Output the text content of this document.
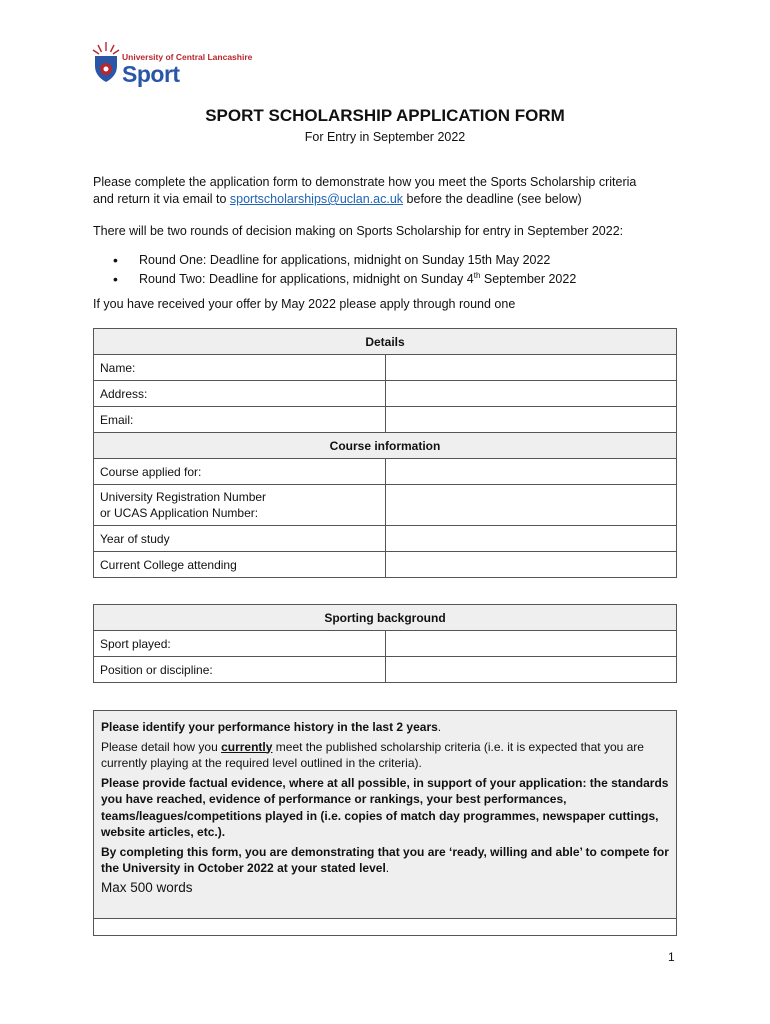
University of Central Lancashire
Sport
SPORT SCHOLARSHIP APPLICATION FORM
For Entry in September 2022
Please complete the application form to demonstrate how you meet the Sports Scholarship criteria
and return it via email to sportscholarships@uclan.ac.uk before the deadline (see below)
There will be two rounds of decision making on Sports Scholarship for entry in September 2022:
• Round One: Deadline for applications, midnight on Sunday 15th May 2022
• Round Two: Deadline for applications, midnight on Sunday 4th September 2022
If you have received your offer by May 2022 please apply through round one
Details	
Name:	
Address:	
Email:	
Course information	
Course applied for:	
University Registration Number
or UCAS Application Number:	
Year of study	
Current College attending	
Sporting background	
Sport played:	
Position or discipline:	

Please identify your performance history in the last 2 years.

Please detail how you currently meet the published scholarship criteria (i.e. it is expected that you are currently playing at the required level outlined in the criteria).

Please provide factual evidence, where at all possible, in support of your application: the standards you have reached, evidence of performance or rankings, your best performances, teams/leagues/competitions played in (i.e. copies of match day programmes, newspaper cuttings, website articles, etc.).

By completing this form, you are demonstrating that you are ‘ready, willing and able’ to compete for the University in October 2022 at your stated level.

Max 500 words
1
